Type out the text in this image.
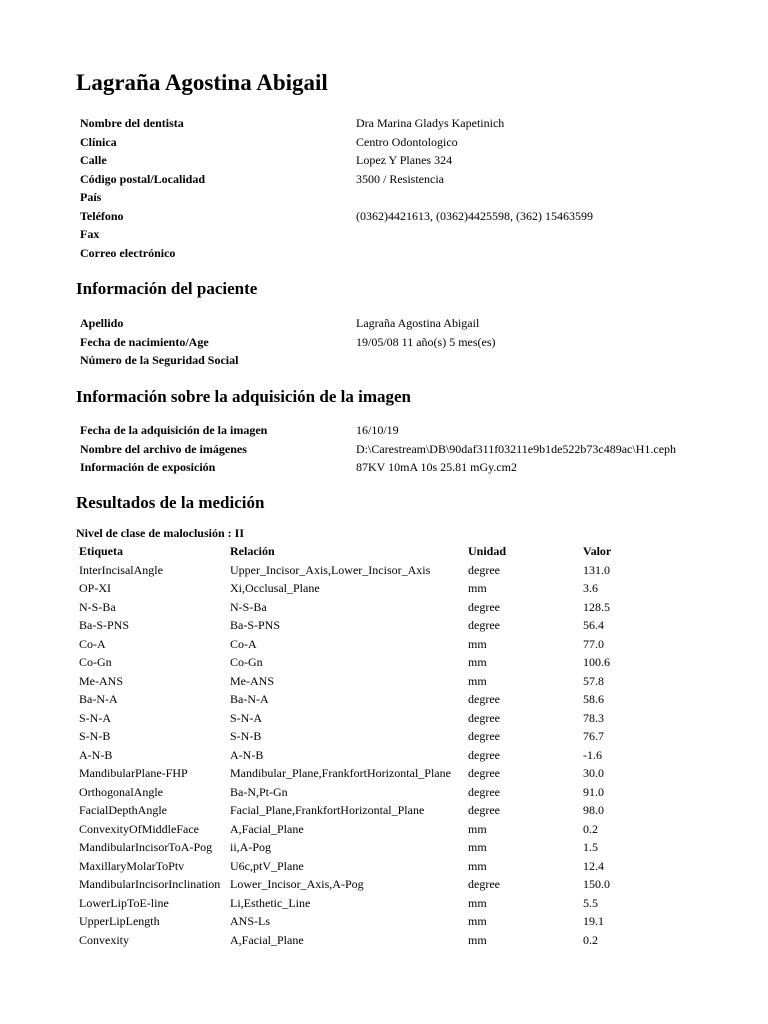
Lagraña Agostina Abigail
Nombre del dentista	Dra Marina Gladys Kapetinich
Clínica	Centro Odontologico
Calle	Lopez Y Planes 324
Código postal/Localidad	3500 / Resistencia
País
Teléfono	(0362)4421613, (0362)4425598, (362) 15463599
Fax
Correo electrónico
Información del paciente
Apellido	Lagraña Agostina Abigail
Fecha de nacimiento/Age	19/05/08 11 año(s) 5 mes(es)
Número de la Seguridad Social
Información sobre la adquisición de la imagen
Fecha de la adquisición de la imagen	16/10/19
Nombre del archivo de imágenes	D:\Carestream\DB\90daf311f03211e9b1de522b73c489ac\H1.ceph
Información de exposición	87KV 10mA 10s 25.81 mGy.cm2
Resultados de la medición
Nivel de clase de maloclusión : II
Etiqueta	Relación	Unidad	Valor
InterIncisalAngle	Upper_Incisor_Axis,Lower_Incisor_Axis	degree	131.0
OP-XI	Xi,Occlusal_Plane	mm	3.6
N-S-Ba	N-S-Ba	degree	128.5
Ba-S-PNS	Ba-S-PNS	degree	56.4
Co-A	Co-A	mm	77.0
Co-Gn	Co-Gn	mm	100.6
Me-ANS	Me-ANS	mm	57.8
Ba-N-A	Ba-N-A	degree	58.6
S-N-A	S-N-A	degree	78.3
S-N-B	S-N-B	degree	76.7
A-N-B	A-N-B	degree	-1.6
MandibularPlane-FHP	Mandibular_Plane,FrankfortHorizontal_Plane degree	30.0
OrthogonalAngle	Ba-N,Pt-Gn	degree	91.0
FacialDepthAngle	Facial_Plane,FrankfortHorizontal_Plane	degree	98.0
ConvexityOfMiddleFace	A,Facial_Plane	mm	0.2
MandibularIncisorToA-Pog ii,A-Pog	mm	1.5
MaxillaryMolarToPtv	U6c,ptV_Plane	mm	12.4
MandibularIncisorInclination Lower_Incisor_Axis,A-Pog	degree	150.0
LowerLipToE-line	Li,Esthetic_Line	mm	5.5
UpperLipLength	ANS-Ls	mm	19.1
Convexity	A,Facial_Plane	mm	0.2
